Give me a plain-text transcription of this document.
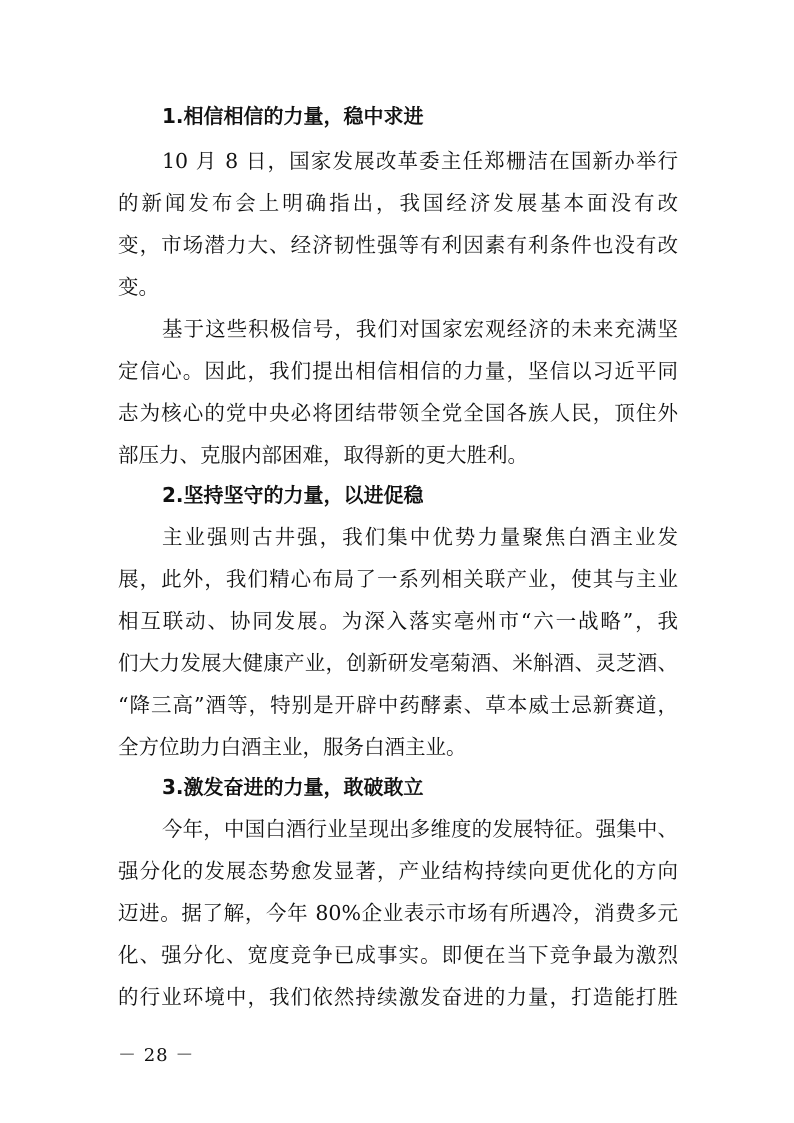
1.相信相信的力量，稳中求进
10 月 8 日，国家发展改革委主任郑栅洁在国新办举行
的新闻发布会上明确指出，我国经济发展基本面没有改
变，市场潜力大、经济韧性强等有利因素有利条件也没有改
变。
基于这些积极信号，我们对国家宏观经济的未来充满坚
定信心。因此，我们提出相信相信的力量，坚信以习近平同
志为核心的党中央必将团结带领全党全国各族人民，顶住外
部压力、克服内部困难，取得新的更大胜利。
2.坚持坚守的力量，以进促稳
主业强则古井强，我们集中优势力量聚焦白酒主业发
展，此外，我们精心布局了一系列相关联产业，使其与主业
相互联动、协同发展。为深入落实亳州市“六一战略”，我
们大力发展大健康产业，创新研发亳菊酒、米斛酒、灵芝酒、
“降三高”酒等，特别是开辟中药酵素、草本威士忌新赛道，
全方位助力白酒主业，服务白酒主业。
3.激发奋进的力量，敢破敢立
今年，中国白酒行业呈现出多维度的发展特征。强集中、
强分化的发展态势愈发显著，产业结构持续向更优化的方向
迈进。据了解，今年 80%企业表示市场有所遇冷，消费多元
化、强分化、宽度竞争已成事实。即便在当下竞争最为激烈
的行业环境中，我们依然持续激发奋进的力量，打造能打胜
－ 28 －
